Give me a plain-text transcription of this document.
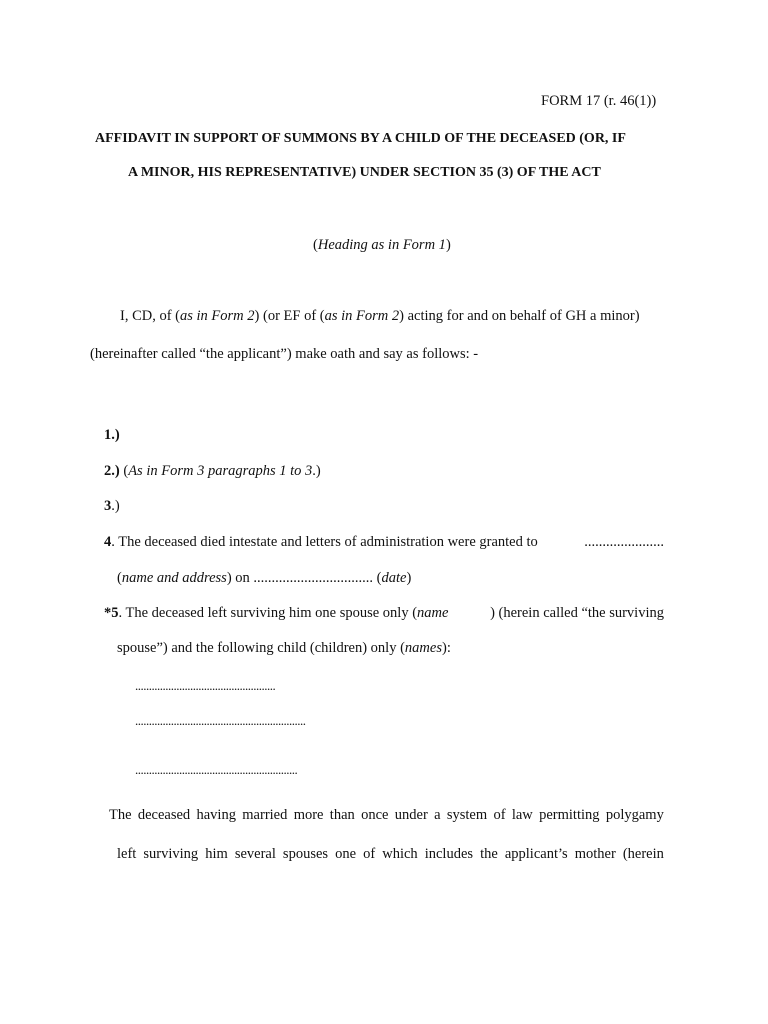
FORM 17 (r. 46(1))
AFFIDAVIT IN SUPPORT OF SUMMONS BY A CHILD OF THE DECEASED (OR, IF
A MINOR, HIS REPRESENTATIVE) UNDER SECTION 35 (3) OF THE ACT
(Heading as in Form 1)
I, CD, of (as in Form 2) (or EF of (as in Form 2) acting for and on behalf of GH a minor)
(hereinafter called “the applicant”) make oath and say as follows: -
1.)
2.) (As in Form 3 paragraphs 1 to 3.)
3.)
4. The deceased died intestate and letters of administration were granted to	......................
(name and address) on ................................. (date)
*5. The deceased left surviving him one spouse only (name	) (herein called “the surviving
spouse”) and the following child (children) only (names):
...................................................
..............................................................
...........................................................
The deceased having married more than once under a system of law permitting polygamy
left surviving him several spouses one of which includes the applicant’s mother (herein
